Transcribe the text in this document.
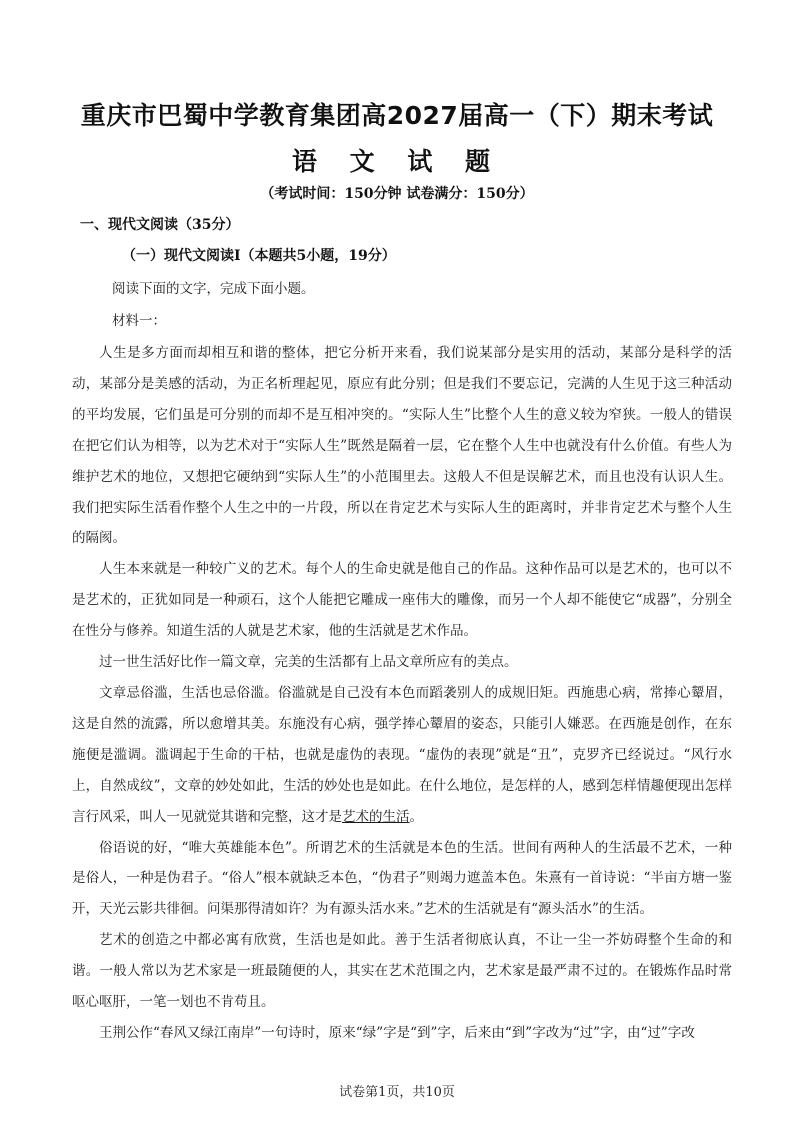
重庆市巴蜀中学教育集团高2027届高一（下）期末考试
语 文 试 题
（考试时间：150分钟 试卷满分：150分）
一、现代文阅读（35分）
（一）现代文阅读I（本题共5小题，19分）
阅读下面的文字，完成下面小题。
材料一：

人生是多方面而却相互和谐的整体，把它分析开来看，我们说某部分是实用的活动，某部分是科学的活动，某部分是美感的活动，为正名析理起见，原应有此分别；但是我们不要忘记，完满的人生见于这三种活动的平均发展，它们虽是可分别的而却不是互相冲突的。“实际人生”比整个人生的意义较为窄狭。一般人的错误在把它们认为相等，以为艺术对于“实际人生”既然是隔着一层，它在整个人生中也就没有什么价值。有些人为维护艺术的地位，又想把它硬纳到“实际人生”的小范围里去。这般人不但是误解艺术，而且也没有认识人生。我们把实际生活看作整个人生之中的一片段，所以在肯定艺术与实际人生的距离时，并非肯定艺术与整个人生的隔阂。

人生本来就是一种较广义的艺术。每个人的生命史就是他自己的作品。这种作品可以是艺术的，也可以不是艺术的，正犹如同是一种顽石，这个人能把它雕成一座伟大的雕像，而另一个人却不能使它“成器”，分别全在性分与修养。知道生活的人就是艺术家，他的生活就是艺术作品。

过一世生活好比作一篇文章，完美的生活都有上品文章所应有的美点。

文章忌俗滥，生活也忌俗滥。俗滥就是自己没有本色而蹈袭别人的成规旧矩。西施患心病，常捧心颦眉，这是自然的流露，所以愈增其美。东施没有心病，强学捧心颦眉的姿态，只能引人嫌恶。在西施是创作，在东施便是滥调。滥调起于生命的干枯，也就是虚伪的表现。“虚伪的表现”就是“丑”，克罗齐已经说过。“风行水上，自然成纹”，文章的妙处如此，生活的妙处也是如此。在什么地位，是怎样的人，感到怎样情趣便现出怎样言行风采，叫人一见就觉其谐和完整，这才是艺术的生活。

俗语说的好，“唯大英雄能本色”。所谓艺术的生活就是本色的生活。世间有两种人的生活最不艺术，一种是俗人，一种是伪君子。“俗人”根本就缺乏本色，“伪君子”则竭力遮盖本色。朱熹有一首诗说：“半亩方塘一鉴开，天光云影共徘徊。问渠那得清如许？为有源头活水来。”艺术的生活就是有“源头活水”的生活。

艺术的创造之中都必寓有欣赏，生活也是如此。善于生活者彻底认真，不让一尘一芥妨碍整个生命的和谐。一般人常以为艺术家是一班最随便的人，其实在艺术范围之内，艺术家是最严肃不过的。在锻炼作品时常呕心呕肝，一笔一划也不肯苟且。

王荆公作“春风又绿江南岸”一句诗时，原来“绿”字是“到”字，后来由“到”字改为“过”字，由“过”字改

试卷第1页，共10页
